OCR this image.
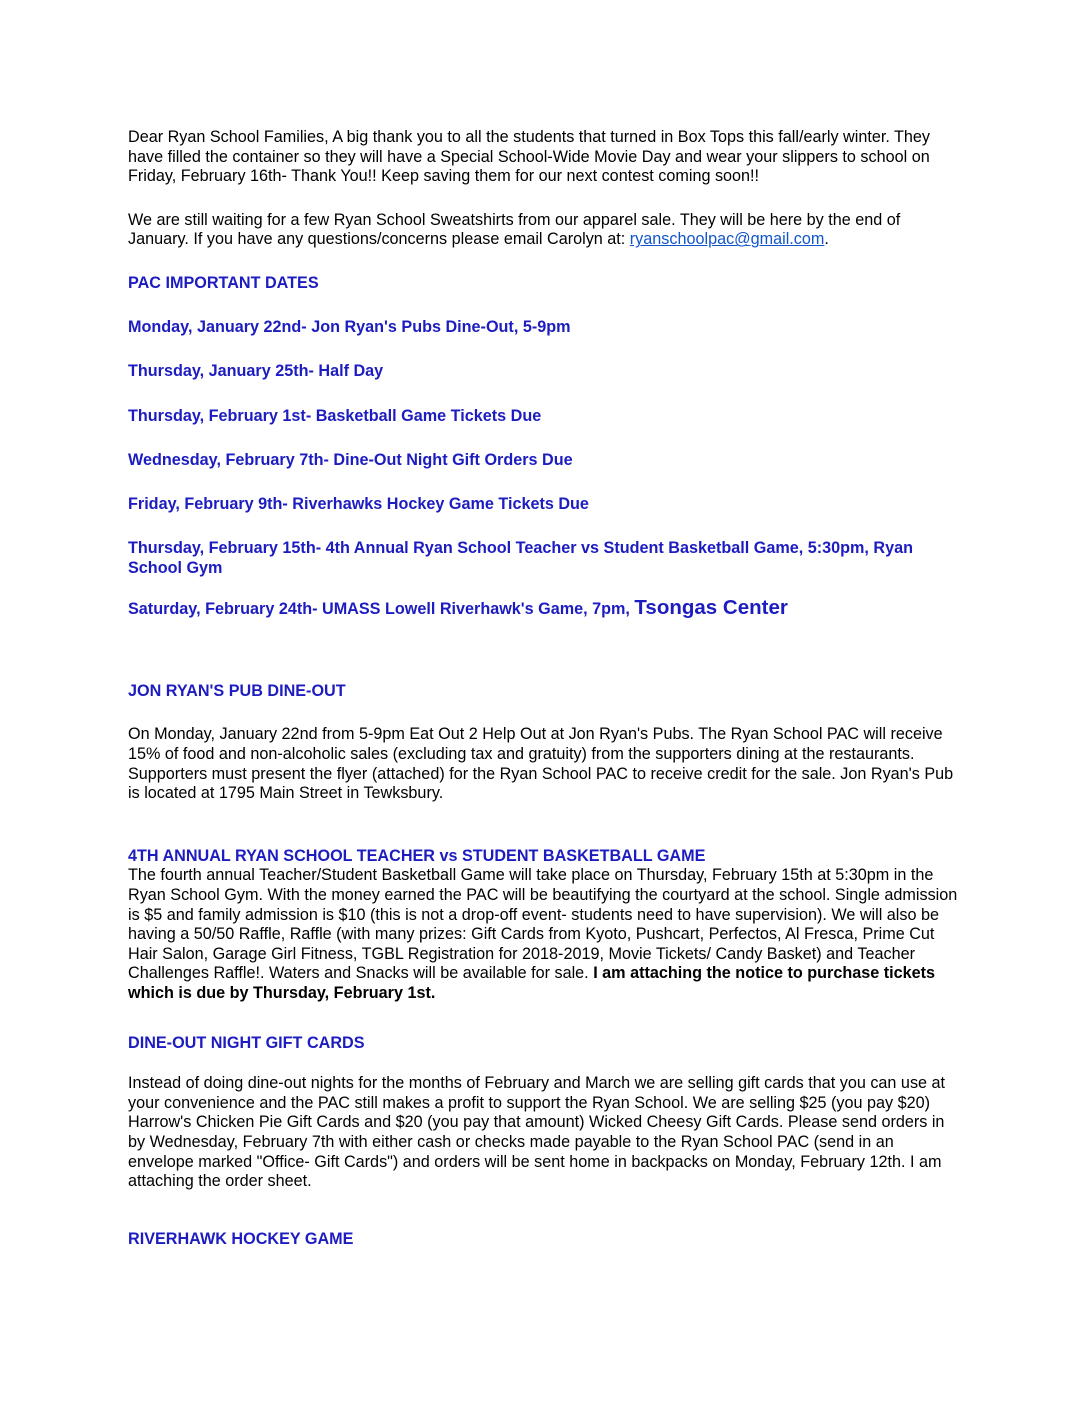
Dear Ryan School Families, A big thank you to all the students that turned in Box Tops this fall/early winter. They have filled the container so they will have a Special School-Wide Movie Day and wear your slippers to school on Friday, February 16th- Thank You!! Keep saving them for our next contest coming soon!!

We are still waiting for a few Ryan School Sweatshirts from our apparel sale. They will be here by the end of January. If you have any questions/concerns please email Carolyn at: ryanschoolpac@gmail.com.

PAC IMPORTANT DATES

Monday, January 22nd- Jon Ryan's Pubs Dine-Out, 5-9pm

Thursday, January 25th- Half Day

Thursday, February 1st- Basketball Game Tickets Due

Wednesday, February 7th- Dine-Out Night Gift Orders Due

Friday, February 9th- Riverhawks Hockey Game Tickets Due

Thursday, February 15th- 4th Annual Ryan School Teacher vs Student Basketball Game, 5:30pm, Ryan School Gym

Saturday, February 24th- UMASS Lowell Riverhawk's Game, 7pm, Tsongas Center

JON RYAN'S PUB DINE-OUT

On Monday, January 22nd from 5-9pm Eat Out 2 Help Out at Jon Ryan's Pubs. The Ryan School PAC will receive 15% of food and non-alcoholic sales (excluding tax and gratuity) from the supporters dining at the restaurants. Supporters must present the flyer (attached) for the Ryan School PAC to receive credit for the sale. Jon Ryan's Pub is located at 1795 Main Street in Tewksbury.

4TH ANNUAL RYAN SCHOOL TEACHER vs STUDENT BASKETBALL GAME

The fourth annual Teacher/Student Basketball Game will take place on Thursday, February 15th at 5:30pm in the Ryan School Gym. With the money earned the PAC will be beautifying the courtyard at the school. Single admission is $5 and family admission is $10 (this is not a drop-off event- students need to have supervision). We will also be having a 50/50 Raffle, Raffle (with many prizes: Gift Cards from Kyoto, Pushcart, Perfectos, Al Fresca, Prime Cut Hair Salon, Garage Girl Fitness, TGBL Registration for 2018-2019, Movie Tickets/ Candy Basket) and Teacher Challenges Raffle!. Waters and Snacks will be available for sale. I am attaching the notice to purchase tickets which is due by Thursday, February 1st.

DINE-OUT NIGHT GIFT CARDS

Instead of doing dine-out nights for the months of February and March we are selling gift cards that you can use at your convenience and the PAC still makes a profit to support the Ryan School. We are selling $25 (you pay $20) Harrow's Chicken Pie Gift Cards and $20 (you pay that amount) Wicked Cheesy Gift Cards. Please send orders in by Wednesday, February 7th with either cash or checks made payable to the Ryan School PAC (send in an envelope marked "Office- Gift Cards") and orders will be sent home in backpacks on Monday, February 12th. I am attaching the order sheet.

RIVERHAWK HOCKEY GAME
